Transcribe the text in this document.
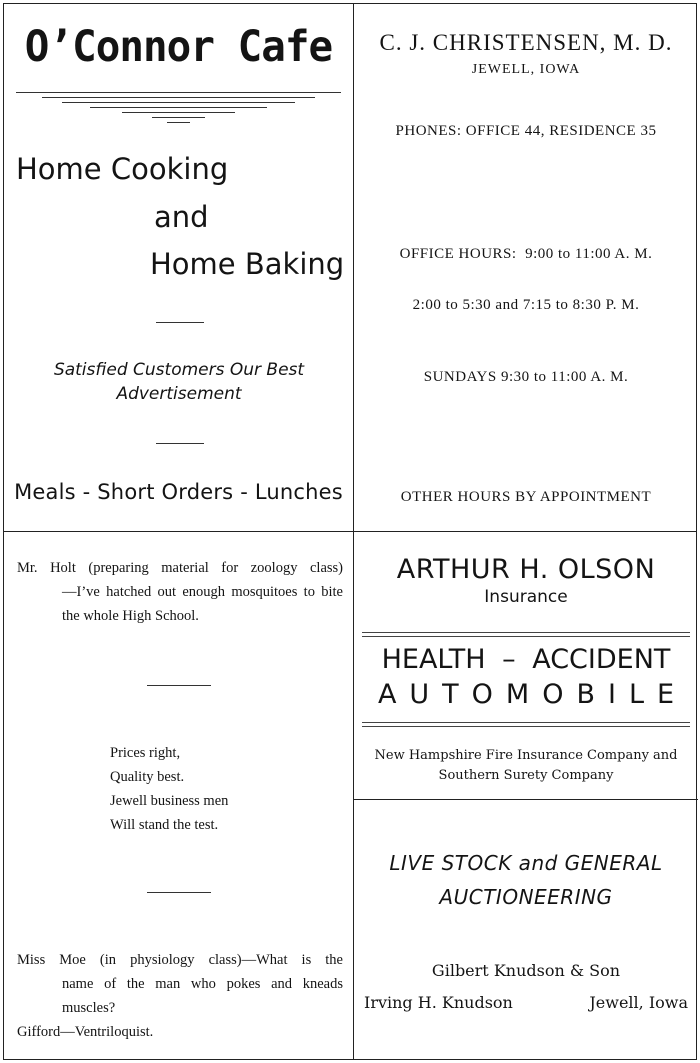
O’Connor Cafe
Home Cooking
and
Home Baking
Satisfied Customers Our Best Advertisement
Meals - Short Orders - Lunches
C. J. CHRISTENSEN, M. D.
JEWELL, IOWA
PHONES: OFFICE 44, RESIDENCE 35
OFFICE HOURS:  9:00 to 11:00 A. M.
2:00 to 5:30 and 7:15 to 8:30 P. M.
SUNDAYS 9:30 to 11:00 A. M.
OTHER HOURS BY APPOINTMENT
Mr. Holt (preparing material for zoology class)
—I’ve hatched out enough mosquitoes to bite the whole High School.
Prices right,
Quality best.
Jewell business men
Will stand the test.
Miss Moe (in physiology class)—What is the
name of the man who pokes and kneads muscles?
Gifford—Ventriloquist.
ARTHUR H. OLSON
Insurance
HEALTH – ACCIDENT
AUTOMOBILE
New Hampshire Fire Insurance Company and Southern Surety Company
LIVE STOCK and GENERAL
AUCTIONEERING
Gilbert Knudson & Son
Irving H. Knudson	Jewell, Iowa
